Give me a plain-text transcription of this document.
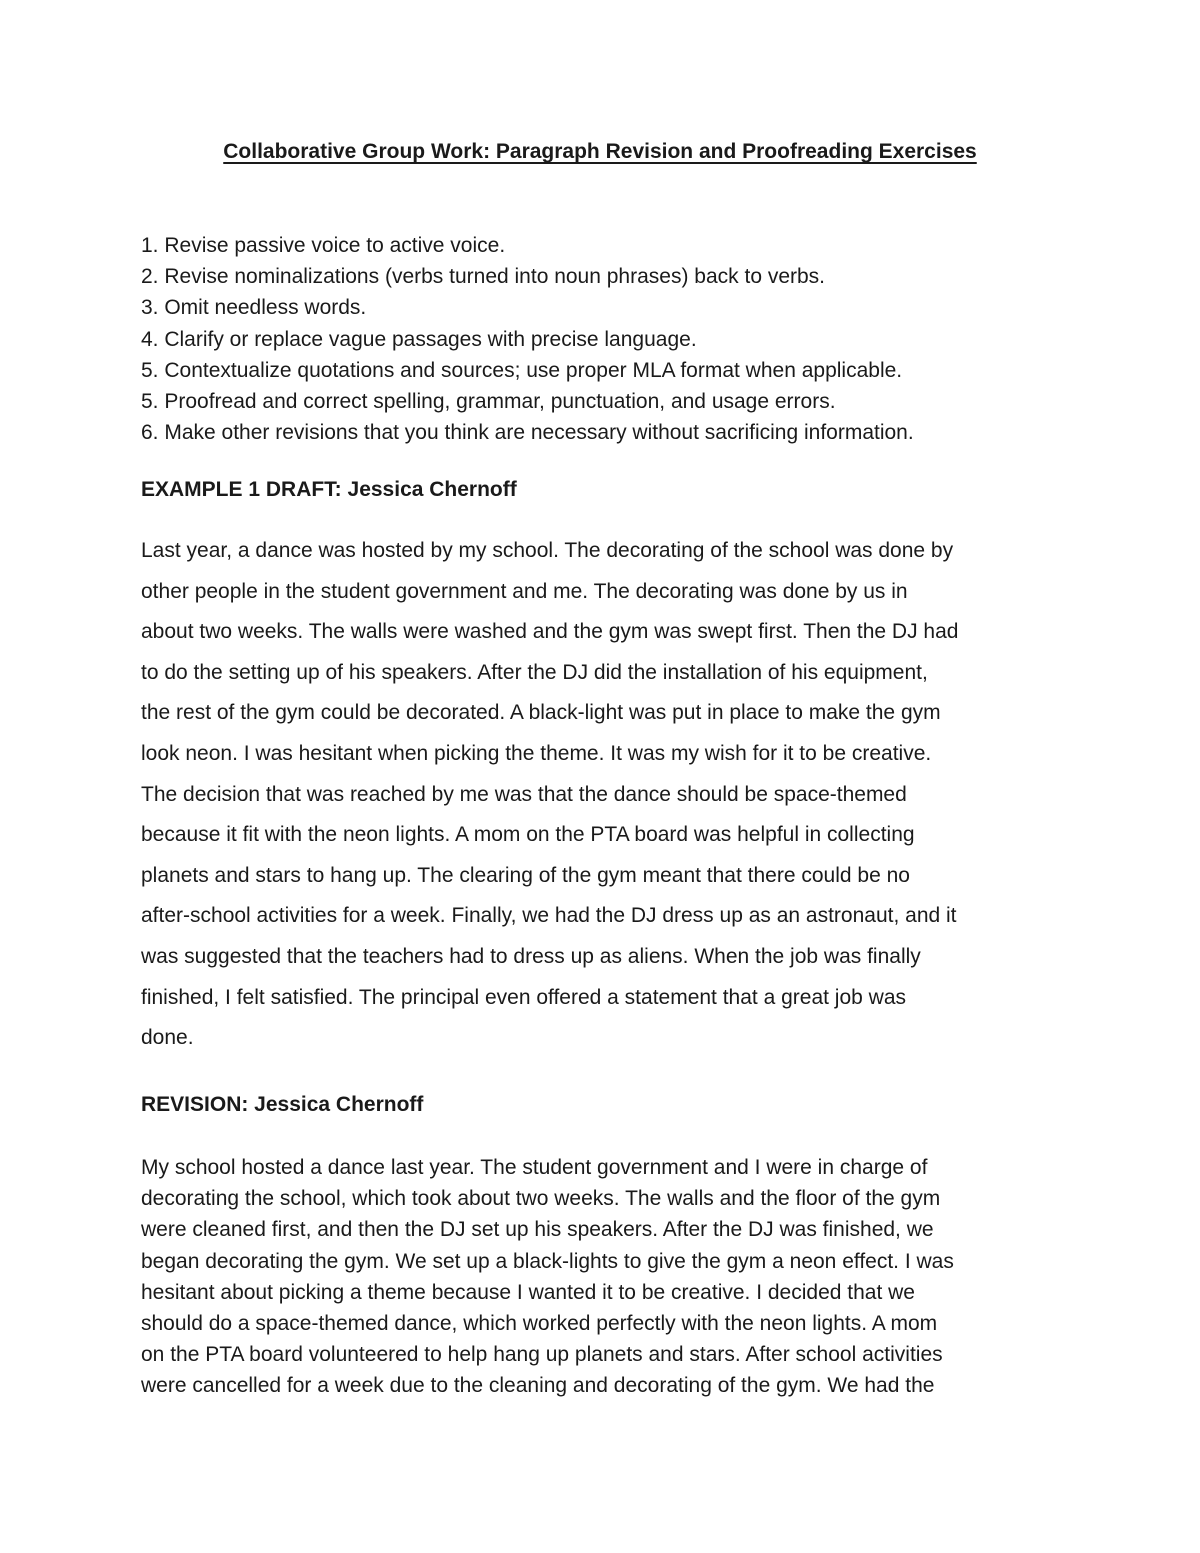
Collaborative Group Work: Paragraph Revision and Proofreading Exercises
1. Revise passive voice to active voice.
2. Revise nominalizations (verbs turned into noun phrases) back to verbs.
3. Omit needless words.
4. Clarify or replace vague passages with precise language.
5. Contextualize quotations and sources; use proper MLA format when applicable.
5. Proofread and correct spelling, grammar, punctuation, and usage errors.
6. Make other revisions that you think are necessary without sacrificing information.
EXAMPLE 1 DRAFT: Jessica Chernoff

Last year, a dance was hosted by my school. The decorating of the school was done by
other people in the student government and me. The decorating was done by us in
about two weeks. The walls were washed and the gym was swept first. Then the DJ had
to do the setting up of his speakers. After the DJ did the installation of his equipment,
the rest of the gym could be decorated. A black-light was put in place to make the gym
look neon. I was hesitant when picking the theme. It was my wish for it to be creative.
The decision that was reached by me was that the dance should be space-themed
because it fit with the neon lights. A mom on the PTA board was helpful in collecting
planets and stars to hang up. The clearing of the gym meant that there could be no
after-school activities for a week. Finally, we had the DJ dress up as an astronaut, and it
was suggested that the teachers had to dress up as aliens. When the job was finally
finished, I felt satisfied. The principal even offered a statement that a great job was
done.

REVISION: Jessica Chernoff

My school hosted a dance last year. The student government and I were in charge of
decorating the school, which took about two weeks. The walls and the floor of the gym
were cleaned first, and then the DJ set up his speakers. After the DJ was finished, we
began decorating the gym. We set up a black-lights to give the gym a neon effect. I was
hesitant about picking a theme because I wanted it to be creative. I decided that we
should do a space-themed dance, which worked perfectly with the neon lights. A mom
on the PTA board volunteered to help hang up planets and stars. After school activities
were cancelled for a week due to the cleaning and decorating of the gym. We had the
